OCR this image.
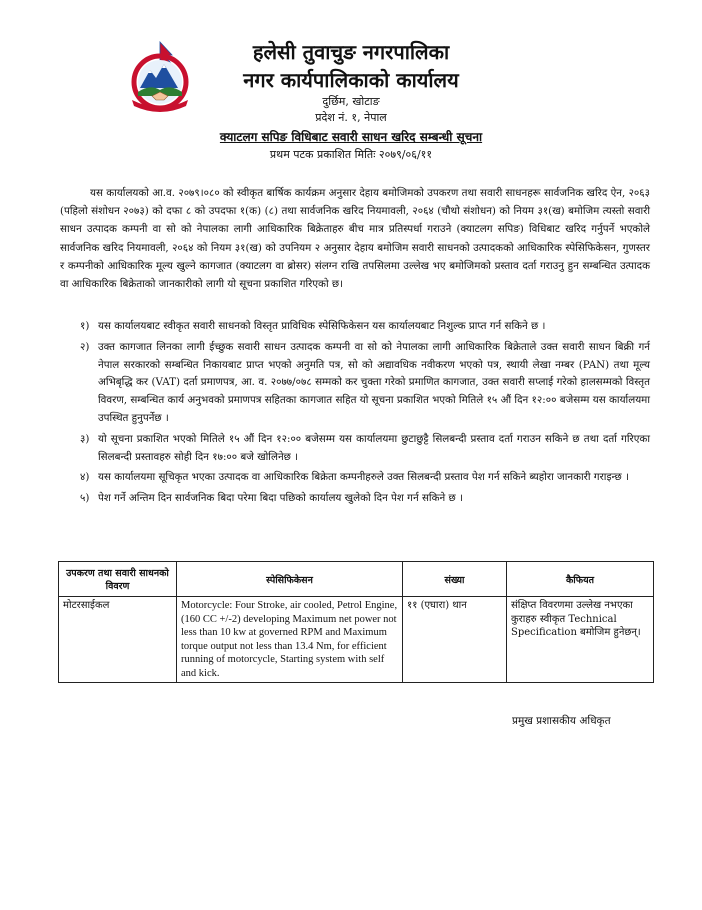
हलेसी तुवाचुङ नगरपालिका
नगर कार्यपालिकाको कार्यालय
दुर्छिम, खोटाङ
प्रदेश नं. १, नेपाल
क्याटलग सपिङ विधिबाट सवारी साधन खरिद सम्बन्धी सूचना
प्रथम पटक प्रकाशित मितिः २०७९/०६/११
यस कार्यालयको आ.व. २०७९।०८० को स्वीकृत बार्षिक कार्यक्रम अनुसार देहाय बमोजिमको उपकरण तथा सवारी साधनहरू सार्वजनिक खरिद ऐन, २०६३ (पहिलो संशोधन २०७३) को दफा ८ को उपदफा १(क) (८) तथा सार्वजनिक खरिद नियमावली, २०६४ (चौथो संशोधन) को नियम ३१(ख) बमोजिम त्यस्तो सवारी साधन उत्पादक कम्पनी वा सो को नेपालका लागी आधिकारिक बिक्रेताहरु बीच मात्र प्रतिस्पर्धा गराउने (क्याटलग सपिङ) विधिबाट खरिद गर्नुपर्ने भएकोले सार्वजनिक खरिद नियमावली, २०६४ को नियम ३१(ख) को उपनियम २ अनुसार देहाय बमोजिम सवारी साधनको उत्पादकको आधिकारिक स्पेसिफिकेसन, गुणस्तर र कम्पनीको आधिकारिक मूल्य खुल्ने कागजात (क्याटलग वा ब्रोसर) संलग्न राखि तपसिलमा उल्लेख भए बमोजिमको प्रस्ताव दर्ता गराउनु हुन सम्बन्धित उत्पादक वा आधिकारिक बिक्रेताको जानकारीको लागी यो सूचना प्रकाशित गरिएको छ।
१) यस कार्यालयबाट स्वीकृत सवारी साधनको विस्तृत प्राविधिक स्पेसिफिकेसन यस कार्यालयबाट निशुल्क प्राप्त गर्न सकिने छ ।
२) उक्त कागजात लिनका लागी ईच्छुक सवारी साधन उत्पादक कम्पनी वा सो को नेपालका लागी आधिकारिक बिक्रेताले उक्त सवारी साधन बिक्री गर्न नेपाल सरकारको सम्बन्धित निकायबाट प्राप्त भएको अनुमति पत्र, सो को अद्यावधिक नवीकरण भएको पत्र, स्थायी लेखा नम्बर (PAN) तथा मूल्य अभिबृद्धि कर (VAT) दर्ता प्रमाणपत्र, आ. व. २०७७/०७८ सम्मको कर चुक्ता गरेको प्रमाणित कागजात, उक्त सवारी सप्लाई गरेको हालसम्मको विस्तृत विवरण, सम्बन्धित कार्य अनुभवको प्रमाणपत्र सहितका कागजात सहित यो सूचना प्रकाशित भएको मितिले १५ औं दिन १२:०० बजेसम्म यस कार्यालयमा उपस्थित हुनुपर्नेछ ।
३) यो सूचना प्रकाशित भएको मितिले १५ औं दिन १२:०० बजेसम्म यस कार्यालयमा छुटाछुट्टै सिलबन्दी प्रस्ताव दर्ता गराउन सकिने छ तथा दर्ता गरिएका सिलबन्दी प्रस्तावहरु सोही दिन १७:०० बजे खोलिनेछ ।
४) यस कार्यालयमा सूचिकृत भएका उत्पादक वा आधिकारिक बिक्रेता कम्पनीहरुले उक्त सिलबन्दी प्रस्ताव पेश गर्न सकिने ब्यहोरा जानकारी गराइन्छ ।
५) पेश गर्ने अन्तिम दिन सार्वजनिक बिदा परेमा बिदा पछिको कार्यालय खुलेको दिन पेश गर्न सकिने छ ।
उपकरण तथा सवारी साधनको विवरण	स्पेसिफिकेसन	संख्या	कैफियत
मोटरसाईकल	Motorcycle: Four Stroke, air cooled, Petrol Engine, (160 CC +/-2) developing Maximum net power not less than 10 kw at governed RPM and Maximum torque output not less than 13.4 Nm, for efficient running of motorcycle, Starting system with self and kick.	११ (एघारा) थान	संक्षिप्त विवरणमा उल्लेख नभएका कुराहरु स्वीकृत Technical Specification बमोजिम हुनेछन्।
प्रमुख प्रशासकीय अधिकृत
